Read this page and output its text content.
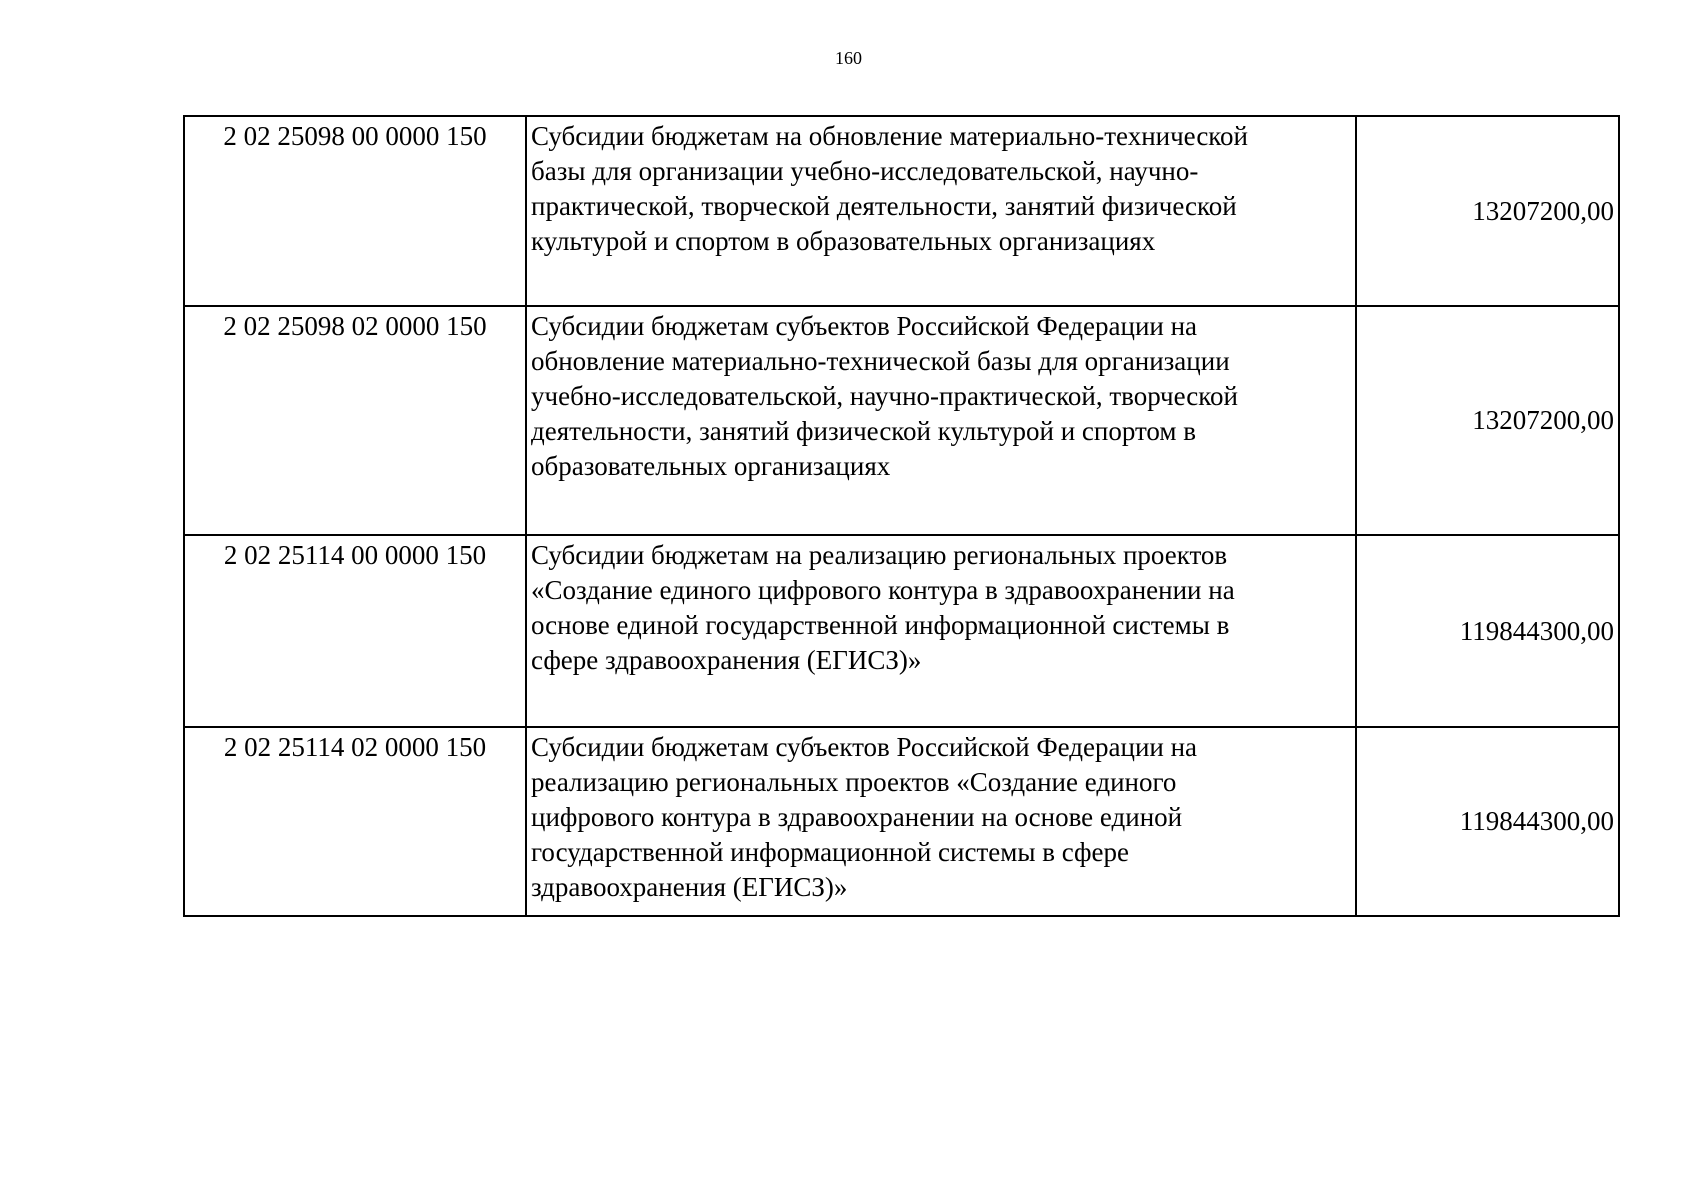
160
2 02 25098 00 0000 150	Субсидии бюджетам на обновление материально-технической
базы для организации учебно-исследовательской, научно-
практической, творческой деятельности, занятий физической
культурой и спортом в образовательных организациях	13207200,00
2 02 25098 02 0000 150	Субсидии бюджетам субъектов Российской Федерации на
обновление материально-технической базы для организации
учебно-исследовательской, научно-практической, творческой
деятельности, занятий физической культурой и спортом в
образовательных организациях	13207200,00
2 02 25114 00 0000 150	Субсидии бюджетам на реализацию региональных проектов
«Создание единого цифрового контура в здравоохранении на
основе единой государственной информационной системы в
сфере здравоохранения (ЕГИСЗ)»	119844300,00
2 02 25114 02 0000 150	Субсидии бюджетам субъектов Российской Федерации на
реализацию региональных проектов «Создание единого
цифрового контура в здравоохранении на основе единой
государственной информационной системы в сфере
здравоохранения (ЕГИСЗ)»	119844300,00
